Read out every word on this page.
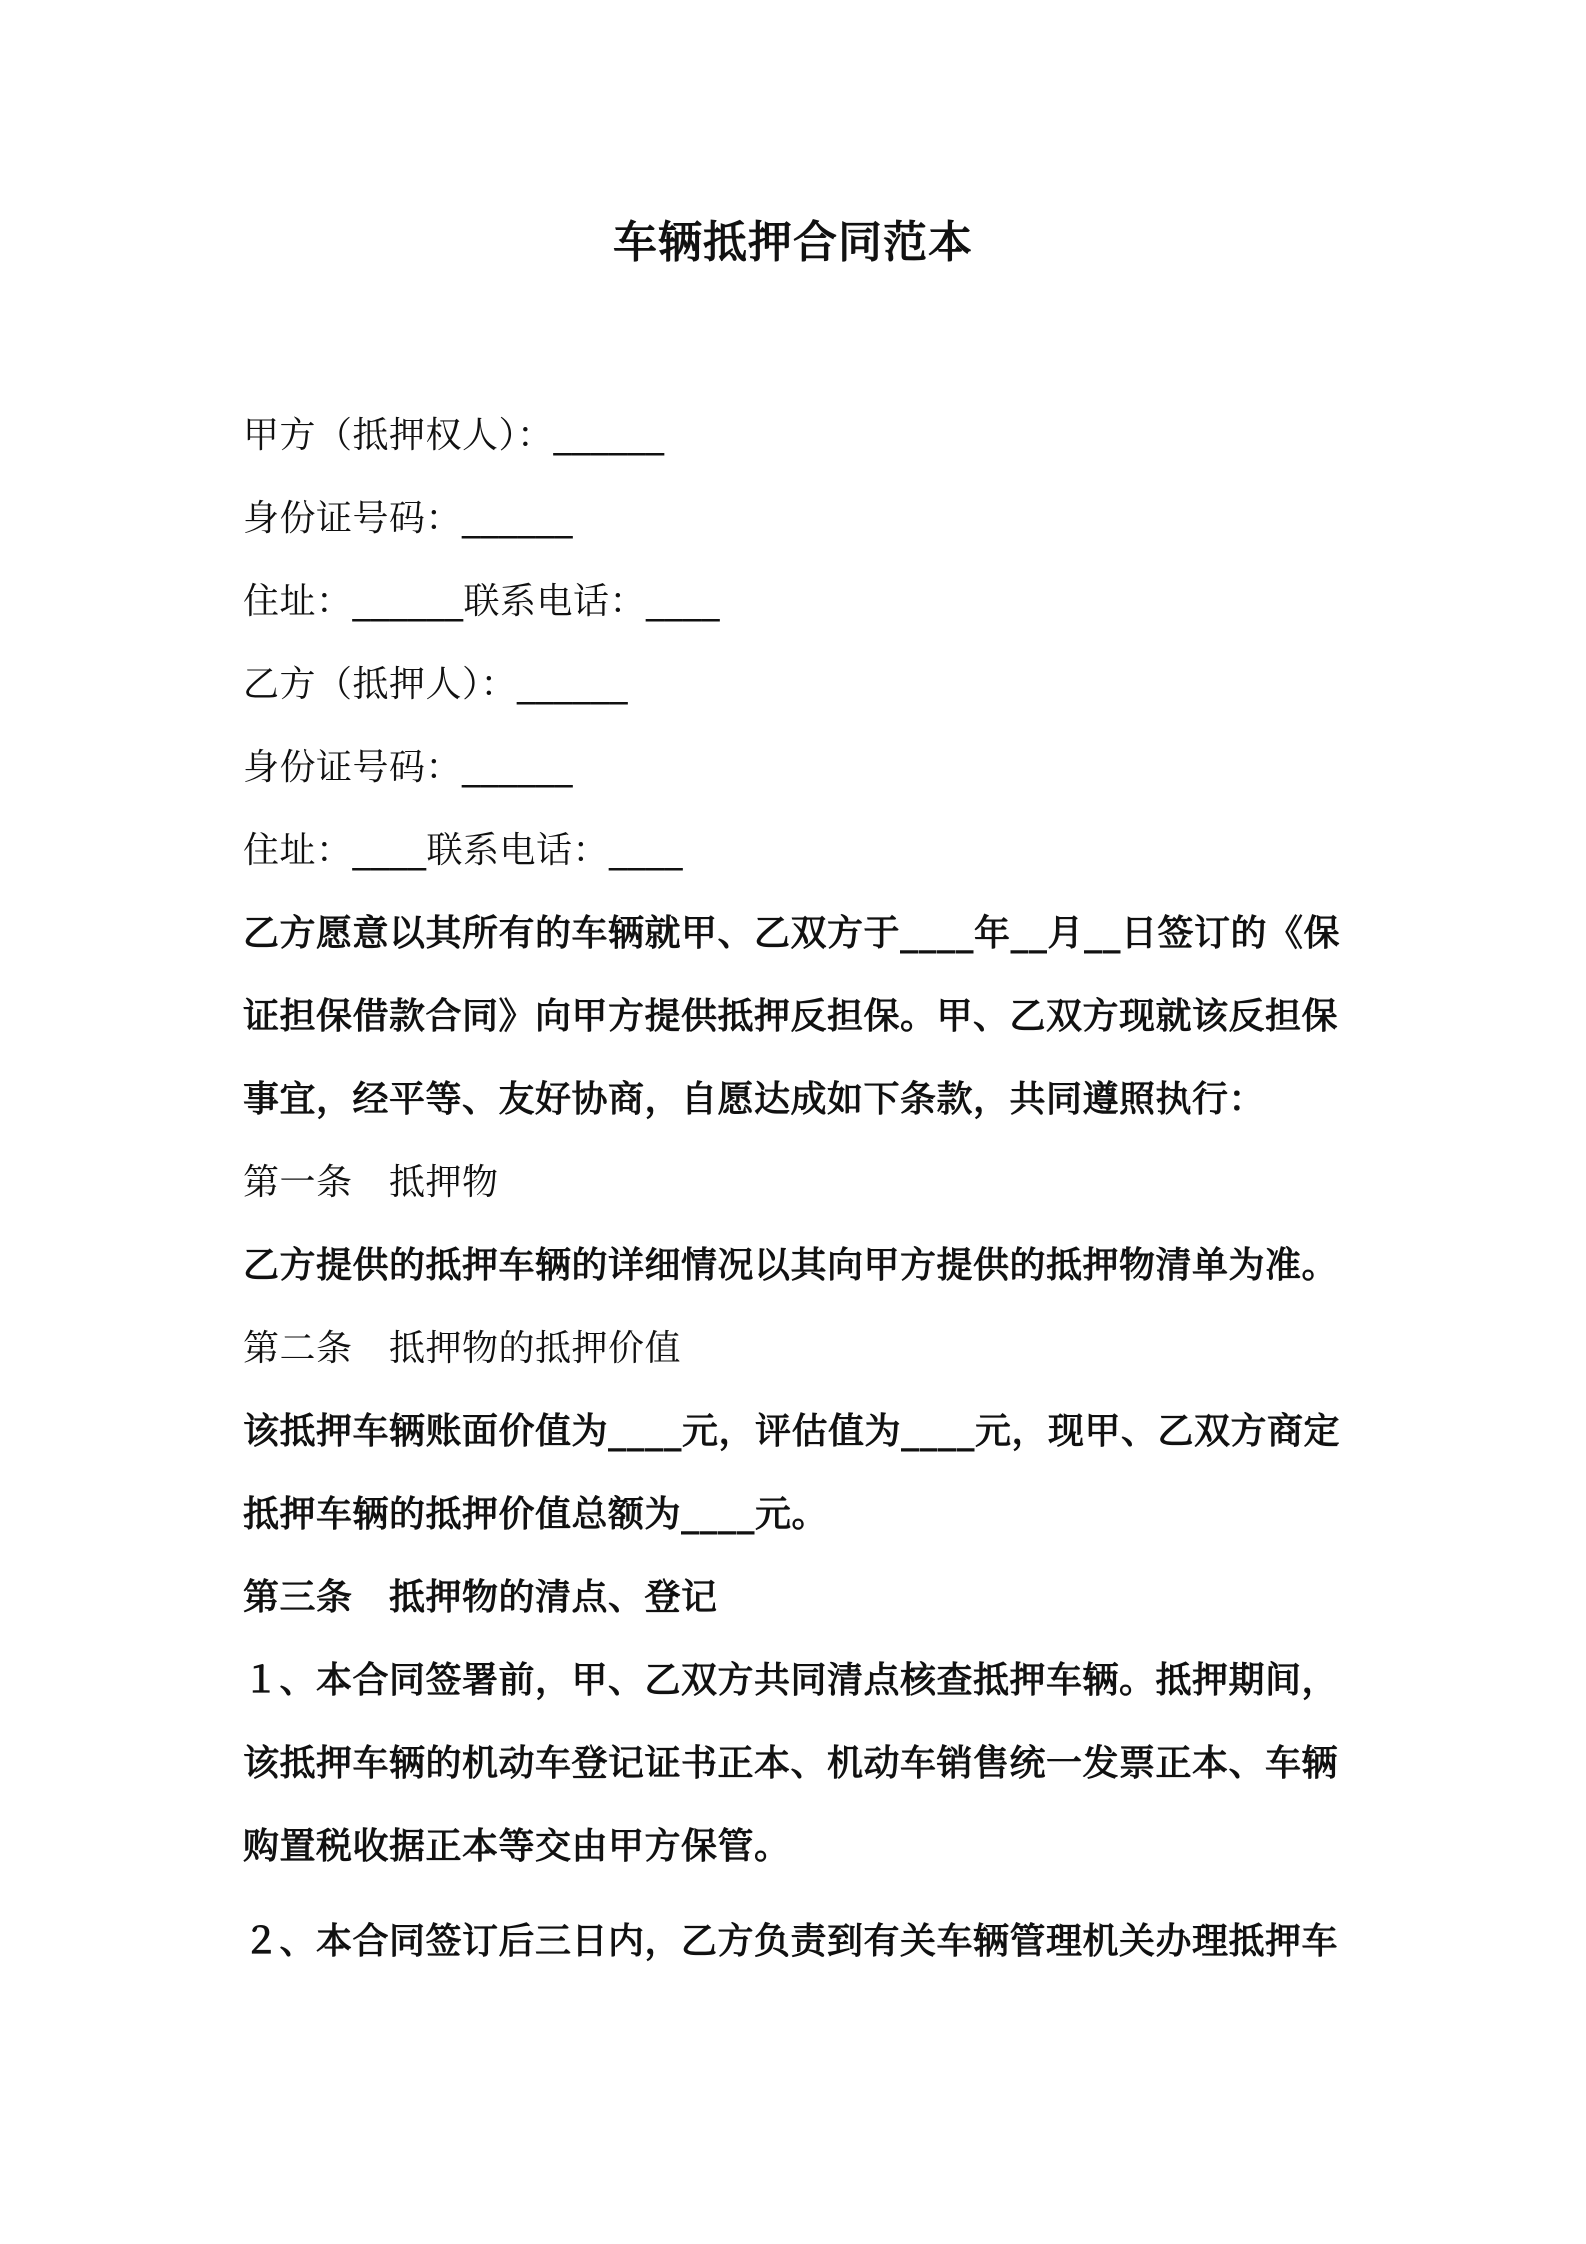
车辆抵押合同范本
甲方（抵押权人）：______
身份证号码：______
住址：______联系电话：____
乙方（抵押人）：______
身份证号码：______
住址：____联系电话：____
乙方愿意以其所有的车辆就甲、乙双方于____年__月__日签订的《保
证担保借款合同》向甲方提供抵押反担保。甲、乙双方现就该反担保
事宜，经平等、友好协商，自愿达成如下条款，共同遵照执行：
第一条　抵押物
乙方提供的抵押车辆的详细情况以其向甲方提供的抵押物清单为准。
第二条　抵押物的抵押价值
该抵押车辆账面价值为____元，评估值为____元，现甲、乙双方商定
抵押车辆的抵押价值总额为____元。
第三条　抵押物的清点、登记
１、本合同签署前，甲、乙双方共同清点核查抵押车辆。抵押期间，
该抵押车辆的机动车登记证书正本、机动车销售统一发票正本、车辆
购置税收据正本等交由甲方保管。
２、本合同签订后三日内，乙方负责到有关车辆管理机关办理抵押车
